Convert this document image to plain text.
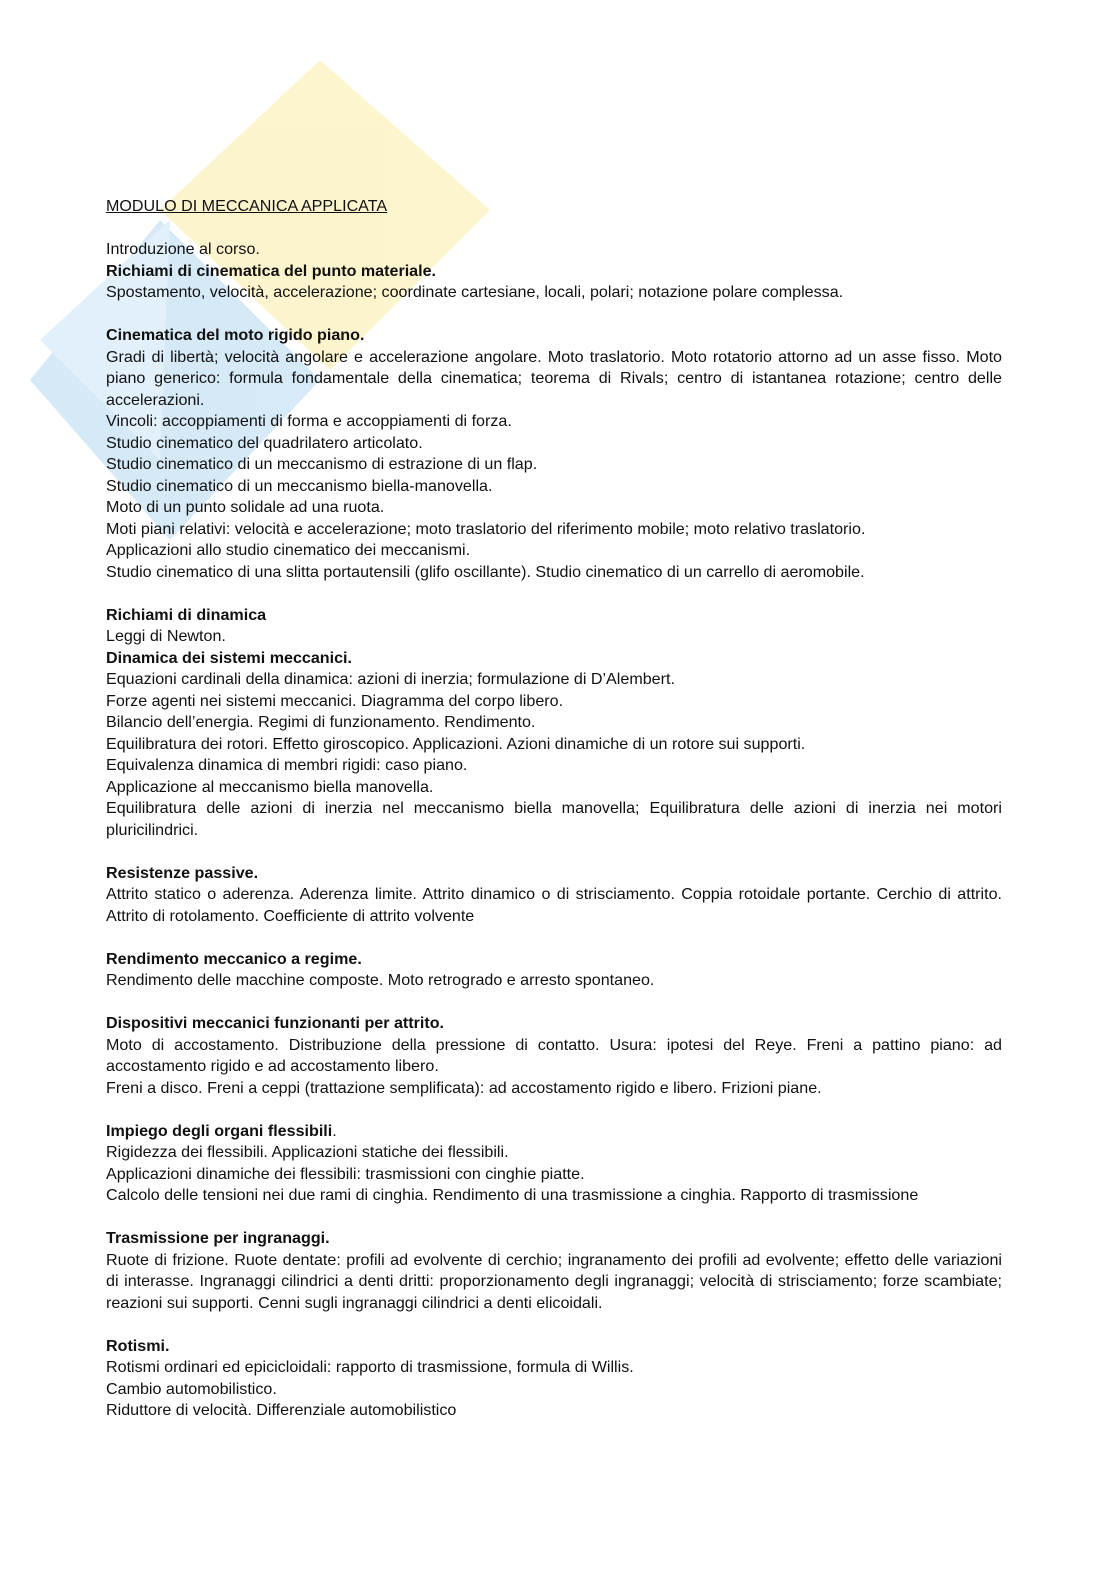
MODULO DI MECCANICA APPLICATA

Introduzione al corso.

Richiami di cinematica del punto materiale.

Spostamento, velocità, accelerazione; coordinate cartesiane, locali, polari; notazione polare complessa.

Cinematica del moto rigido piano.

Gradi di libertà; velocità angolare e accelerazione angolare. Moto traslatorio. Moto rotatorio attorno ad un asse fisso. Moto piano generico: formula fondamentale della cinematica; teorema di Rivals; centro di istantanea rotazione; centro delle accelerazioni.

Vincoli: accoppiamenti di forma e accoppiamenti di forza.

Studio cinematico del quadrilatero articolato.

Studio cinematico di un meccanismo di estrazione di un flap.

Studio cinematico di un meccanismo biella-manovella.

Moto di un punto solidale ad una ruota.

Moti piani relativi: velocità e accelerazione; moto traslatorio del riferimento mobile; moto relativo traslatorio.

Applicazioni allo studio cinematico dei meccanismi.

Studio cinematico di una slitta portautensili (glifo oscillante). Studio cinematico di un carrello di aeromobile.

Richiami di dinamica

Leggi di Newton.

Dinamica dei sistemi meccanici.

Equazioni cardinali della dinamica: azioni di inerzia; formulazione di D’Alembert.

Forze agenti nei sistemi meccanici. Diagramma del corpo libero.

Bilancio dell’energia. Regimi di funzionamento. Rendimento.

Equilibratura dei rotori. Effetto giroscopico. Applicazioni. Azioni dinamiche di un rotore sui supporti.

Equivalenza dinamica di membri rigidi: caso piano.

Applicazione al meccanismo biella manovella.

Equilibratura delle azioni di inerzia nel meccanismo biella manovella; Equilibratura delle azioni di inerzia nei motori pluricilindrici.

Resistenze passive.

Attrito statico o aderenza. Aderenza limite. Attrito dinamico o di strisciamento. Coppia rotoidale portante. Cerchio di attrito. Attrito di rotolamento. Coefficiente di attrito volvente

Rendimento meccanico a regime.

Rendimento delle macchine composte. Moto retrogrado e arresto spontaneo.

Dispositivi meccanici funzionanti per attrito.

Moto di accostamento. Distribuzione della pressione di contatto. Usura: ipotesi del Reye. Freni a pattino piano: ad accostamento rigido e ad accostamento libero.

Freni a disco. Freni a ceppi (trattazione semplificata): ad accostamento rigido e libero. Frizioni piane.

Impiego degli organi flessibili.

Rigidezza dei flessibili. Applicazioni statiche dei flessibili.

Applicazioni dinamiche dei flessibili: trasmissioni con cinghie piatte.

Calcolo delle tensioni nei due rami di cinghia. Rendimento di una trasmissione a cinghia. Rapporto di trasmissione

Trasmissione per ingranaggi.

Ruote di frizione. Ruote dentate: profili ad evolvente di cerchio; ingranamento dei profili ad evolvente; effetto delle variazioni di interasse. Ingranaggi cilindrici a denti dritti: proporzionamento degli ingranaggi; velocità di strisciamento; forze scambiate; reazioni sui supporti. Cenni sugli ingranaggi cilindrici a denti elicoidali.

Rotismi.

Rotismi ordinari ed epicicloidali: rapporto di trasmissione, formula di Willis.

Cambio automobilistico.

Riduttore di velocità. Differenziale automobilistico
